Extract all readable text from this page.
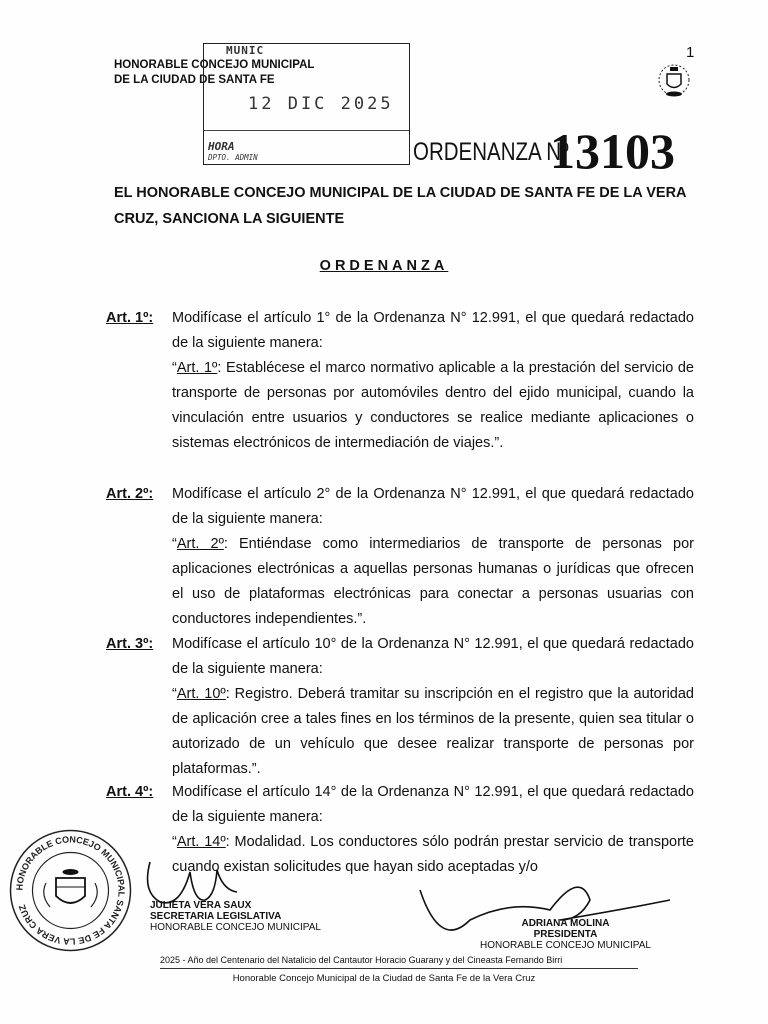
1
HONORABLE CONCEJO MUNICIPAL
DE LA CIUDAD DE SANTA FE
MUNIC
12 DIC 2025
HORA
DPTO. ADMIN	ORDENANZA Nº
13103
EL HONORABLE CONCEJO MUNICIPAL DE LA CIUDAD DE SANTA FE DE LA VERA CRUZ, SANCIONA LA SIGUIENTE
ORDENANZA
Art. 1º: Modifícase el artículo 1° de la Ordenanza N° 12.991, el que quedará redactado de la siguiente manera:
“Art. 1º: Establécese el marco normativo aplicable a la prestación del servicio de transporte de personas por automóviles dentro del ejido municipal, cuando la vinculación entre usuarios y conductores se realice mediante aplicaciones o sistemas electrónicos de intermediación de viajes.”.
Art. 2º: Modifícase el artículo 2° de la Ordenanza N° 12.991, el que quedará redactado de la siguiente manera:
“Art. 2º: Entiéndase como intermediarios de transporte de personas por aplicaciones electrónicas a aquellas personas humanas o jurídicas que ofrecen el uso de plataformas electrónicas para conectar a personas usuarias con conductores independientes.”.
Art. 3º: Modifícase el artículo 10° de la Ordenanza N° 12.991, el que quedará redactado de la siguiente manera:
“Art. 10º: Registro. Deberá tramitar su inscripción en el registro que la autoridad de aplicación cree a tales fines en los términos de la presente, quien sea titular o autorizado de un vehículo que desee realizar transporte de personas por plataformas.”.
Art. 4º: Modifícase el artículo 14° de la Ordenanza N° 12.991, el que quedará redactado de la siguiente manera:
“Art. 14º: Modalidad. Los conductores sólo podrán prestar servicio de transporte cuando existan solicitudes que hayan sido aceptadas y/o
HONORABLE CONCEJO MUNICIPAL SANTA FE DE LA VERA CRUZ	JULIETA VERA SAUX
SECRETARIA LEGISLATIVA
HONORABLE CONCEJO MUNICIPAL	ADRIANA MOLINA
PRESIDENTA
HONORABLE CONCEJO MUNICIPAL
2025 - Año del Centenario del Natalicio del Cantautor Horacio Guarany y del Cineasta Fernando Birri
Honorable Concejo Municipal de la Ciudad de Santa Fe de la Vera Cruz
